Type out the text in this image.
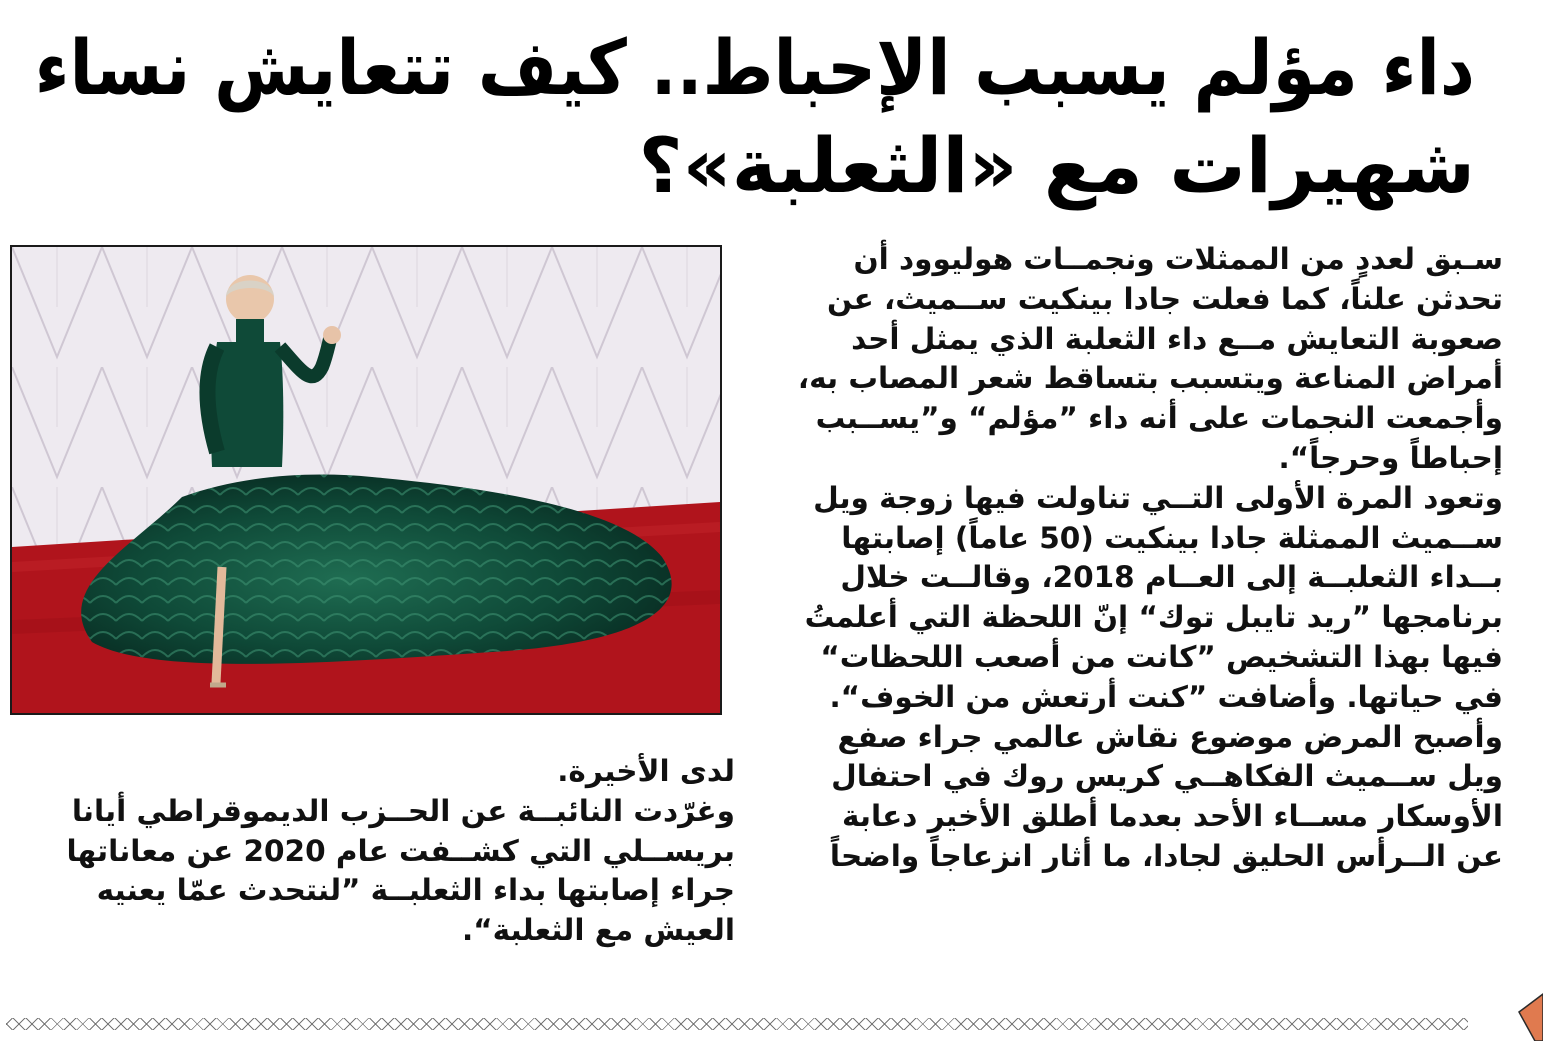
داء مؤلم يسبب الإحباط.. كيف تتعايش نساء
شهيرات مع «الثعلبة»؟
سـبق لعددٍ من الممثلات ونجمــات هوليوود أن
تحدثن علناً، كما فعلت جادا بينكيت ســميث، عن
صعوبة التعايش مــع داء الثعلبة الذي يمثل أحد
أمراض المناعة ويتسبب بتساقط شعر المصاب به،
وأجمعت النجمات على أنه داء ”مؤلم“ و”يســبب
إحباطاً وحرجاً“.
وتعود المرة الأولى التــي تناولت فيها زوجة ويل
ســميث الممثلة جادا بينكيت (50 عاماً) إصابتها
بــداء الثعلبــة إلى العــام 2018، وقالــت خلال
برنامجها ”ريد تايبل توك“ إنّ اللحظة التي أعلمتُ
فيها بهذا التشخيص ”كانت من أصعب اللحظات“
في حياتها. وأضافت ”كنت أرتعش من الخوف“.
وأصبح المرض موضوع نقاش عالمي جراء صفع
ويل ســميث الفكاهــي كريس روك في احتفال
الأوسكار مســاء الأحد بعدما أطلق الأخير دعابة
عن الــرأس الحليق لجادا، ما أثار انزعاجاً واضحاً
لدى الأخيرة.
وغرّدت النائبــة عن الحــزب الديموقراطي أيانا
بريســلي التي كشــفت عام 2020 عن معاناتها
جراء إصابتها بداء الثعلبــة ”لنتحدث عمّا يعنيه
العيش مع الثعلبة“.
